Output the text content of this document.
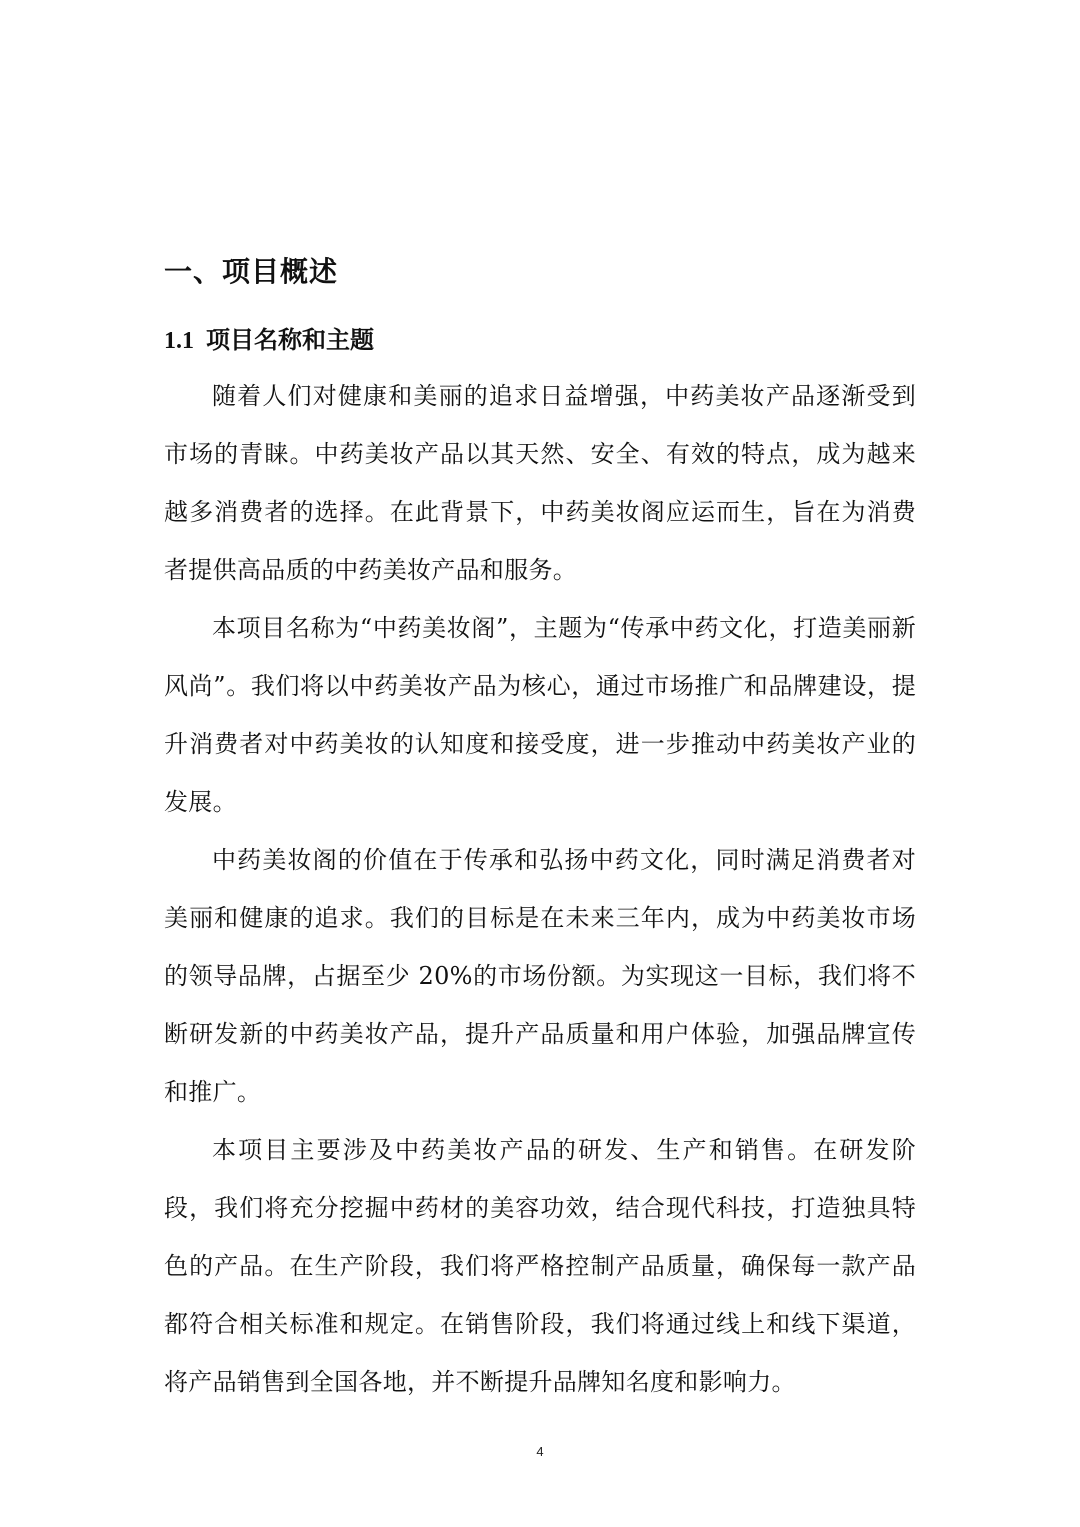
一、项目概述
1.1 项目名称和主题

随着人们对健康和美丽的追求日益增强，中药美妆产品逐渐受到市场的青睐。中药美妆产品以其天然、安全、有效的特点，成为越来越多消费者的选择。在此背景下，中药美妆阁应运而生，旨在为消费者提供高品质的中药美妆产品和服务。

本项目名称为“中药美妆阁”，主题为“传承中药文化，打造美丽新风尚”。我们将以中药美妆产品为核心，通过市场推广和品牌建设，提升消费者对中药美妆的认知度和接受度，进一步推动中药美妆产业的发展。

中药美妆阁的价值在于传承和弘扬中药文化，同时满足消费者对美丽和健康的追求。我们的目标是在未来三年内，成为中药美妆市场的领导品牌，占据至少 20%的市场份额。为实现这一目标，我们将不断研发新的中药美妆产品，提升产品质量和用户体验，加强品牌宣传和推广。

本项目主要涉及中药美妆产品的研发、生产和销售。在研发阶段，我们将充分挖掘中药材的美容功效，结合现代科技，打造独具特色的产品。在生产阶段，我们将严格控制产品质量，确保每一款产品都符合相关标准和规定。在销售阶段，我们将通过线上和线下渠道，将产品销售到全国各地，并不断提升品牌知名度和影响力。

4
